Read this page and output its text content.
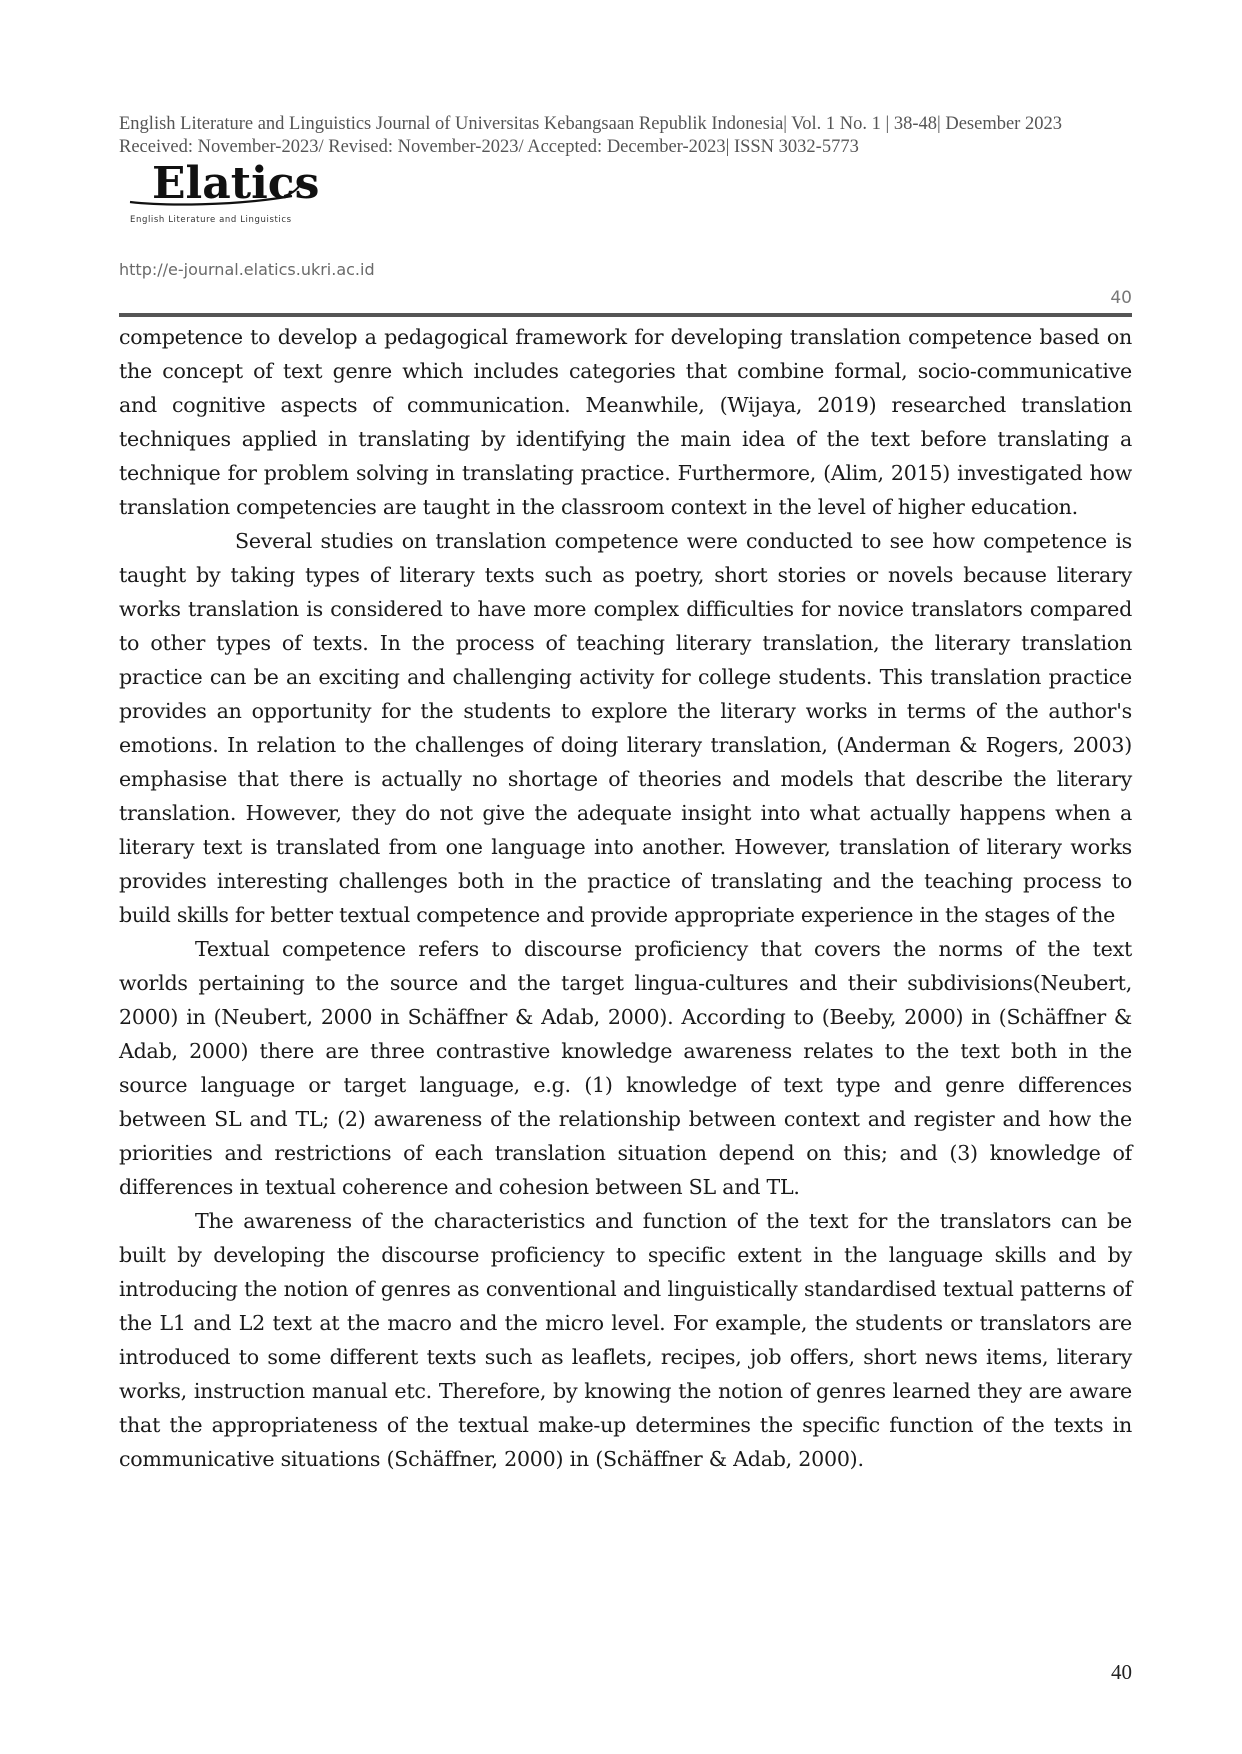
English Literature and Linguistics Journal of Universitas Kebangsaan Republik Indonesia| Vol. 1 No. 1 | 38-48| Desember 2023
Received: November-2023/ Revised: November-2023/ Accepted: December-2023| ISSN 3032-5773
Elatics
English Literature and Linguistics
http://e-journal.elatics.ukri.ac.id
40

competence to develop a pedagogical framework for developing translation competence based on the concept of text genre which includes categories that combine formal, socio-communicative and cognitive aspects of communication. Meanwhile, (Wijaya, 2019) researched translation techniques applied in translating by identifying the main idea of the text before translating a technique for problem solving in translating practice. Furthermore, (Alim, 2015) investigated how translation competencies are taught in the classroom context in the level of higher education.

Several studies on translation competence were conducted to see how competence is taught by taking types of literary texts such as poetry, short stories or novels because literary works translation is considered to have more complex difficulties for novice translators compared to other types of texts. In the process of teaching literary translation, the literary translation practice can be an exciting and challenging activity for college students. This translation practice provides an opportunity for the students to explore the literary works in terms of the author's emotions. In relation to the challenges of doing literary translation, (Anderman & Rogers, 2003) emphasise that there is actually no shortage of theories and models that describe the literary translation. However, they do not give the adequate insight into what actually happens when a literary text is translated from one language into another. However, translation of literary works provides interesting challenges both in the practice of translating and the teaching process to build skills for better textual competence and provide appropriate experience in the stages of the

Textual competence refers to discourse proficiency that covers the norms of the text worlds pertaining to the source and the target lingua-cultures and their subdivisions(Neubert, 2000) in (Neubert, 2000 in Schäffner & Adab, 2000). According to (Beeby, 2000) in (Schäffner & Adab, 2000) there are three contrastive knowledge awareness relates to the text both in the source language or target language, e.g. (1) knowledge of text type and genre differences between SL and TL; (2) awareness of the relationship between context and register and how the priorities and restrictions of each translation situation depend on this; and (3) knowledge of differences in textual coherence and cohesion between SL and TL.

The awareness of the characteristics and function of the text for the translators can be built by developing the discourse proficiency to specific extent in the language skills and by introducing the notion of genres as conventional and linguistically standardised textual patterns of the L1 and L2 text at the macro and the micro level. For example, the students or translators are introduced to some different texts such as leaflets, recipes, job offers, short news items, literary works, instruction manual etc. Therefore, by knowing the notion of genres learned they are aware that the appropriateness of the textual make-up determines the specific function of the texts in communicative situations (Schäffner, 2000) in (Schäffner & Adab, 2000).

40
